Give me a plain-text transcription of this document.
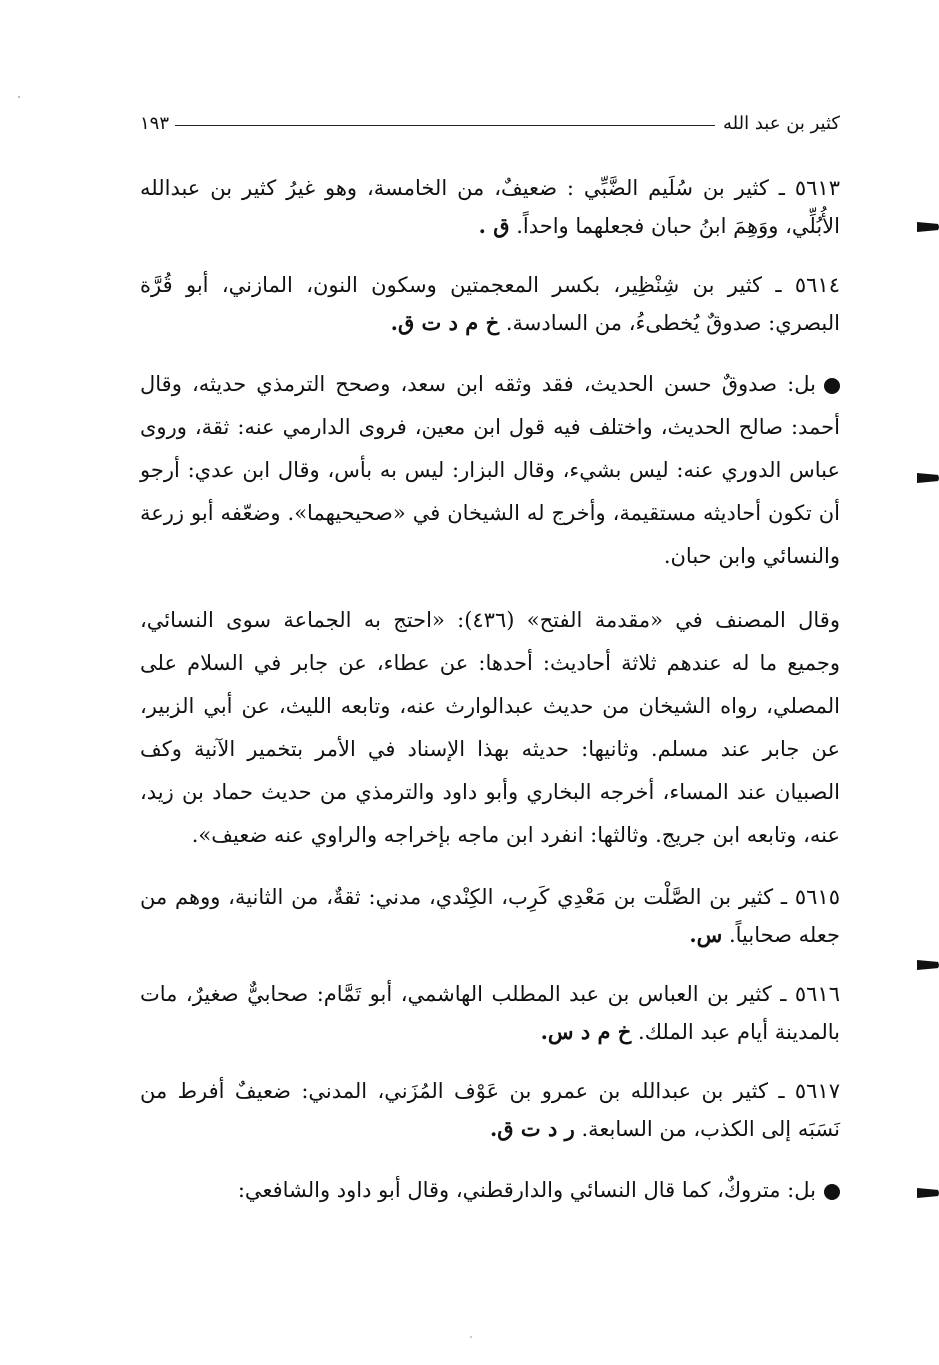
كثير بن عبد الله
١٩٣

٥٦١٣ ـ كثير بن سُلَيم الضَّبِّي : ضعيفٌ، من الخامسة، وهو غيرُ كثير بن عبدالله الأُبُلِّي، ووَهِمَ ابنُ حبان فجعلهما واحداً. ق .

٥٦١٤ ـ كثير بن شِنْظِير، بكسر المعجمتين وسكون النون، المازني، أبو قُرَّة البصري: صدوقٌ يُخطىءُ، من السادسة. خ م د ت ق.

بل: صدوقٌ حسن الحديث، فقد وثقه ابن سعد، وصحح الترمذي حديثه، وقال أحمد: صالح الحديث، واختلف فيه قول ابن معين، فروى الدارمي عنه: ثقة، وروى عباس الدوري عنه: ليس بشيء، وقال البزار: ليس به بأس، وقال ابن عدي: أرجو أن تكون أحاديثه مستقيمة، وأخرج له الشيخان في «صحيحيهما». وضعّفه أبو زرعة والنسائي وابن حبان.

وقال المصنف في «مقدمة الفتح» (٤٣٦): «احتج به الجماعة سوى النسائي، وجميع ما له عندهم ثلاثة أحاديث: أحدها: عن عطاء، عن جابر في السلام على المصلي، رواه الشيخان من حديث عبدالوارث عنه، وتابعه الليث، عن أبي الزبير، عن جابر عند مسلم. وثانيها: حديثه بهذا الإسناد في الأمر بتخمير الآنية وكف الصبيان عند المساء، أخرجه البخاري وأبو داود والترمذي من حديث حماد بن زيد، عنه، وتابعه ابن جريج. وثالثها: انفرد ابن ماجه بإخراجه والراوي عنه ضعيف».

٥٦١٥ ـ كثير بن الصَّلْت بن مَعْدِي كَرِب، الكِنْدي، مدني: ثقةٌ، من الثانية، ووهم من جعله صحابياً. س.

٥٦١٦ ـ كثير بن العباس بن عبد المطلب الهاشمي، أبو تَمَّام: صحابيٌّ صغيرٌ، مات بالمدينة أيام عبد الملك. خ م د س.

٥٦١٧ ـ كثير بن عبدالله بن عمرو بن عَوْف المُزَني، المدني: ضعيفٌ أفرط من نَسَبَه إلى الكذب، من السابعة. ر د ت ق.

بل: متروكٌ، كما قال النسائي والدارقطني، وقال أبو داود والشافعي:
